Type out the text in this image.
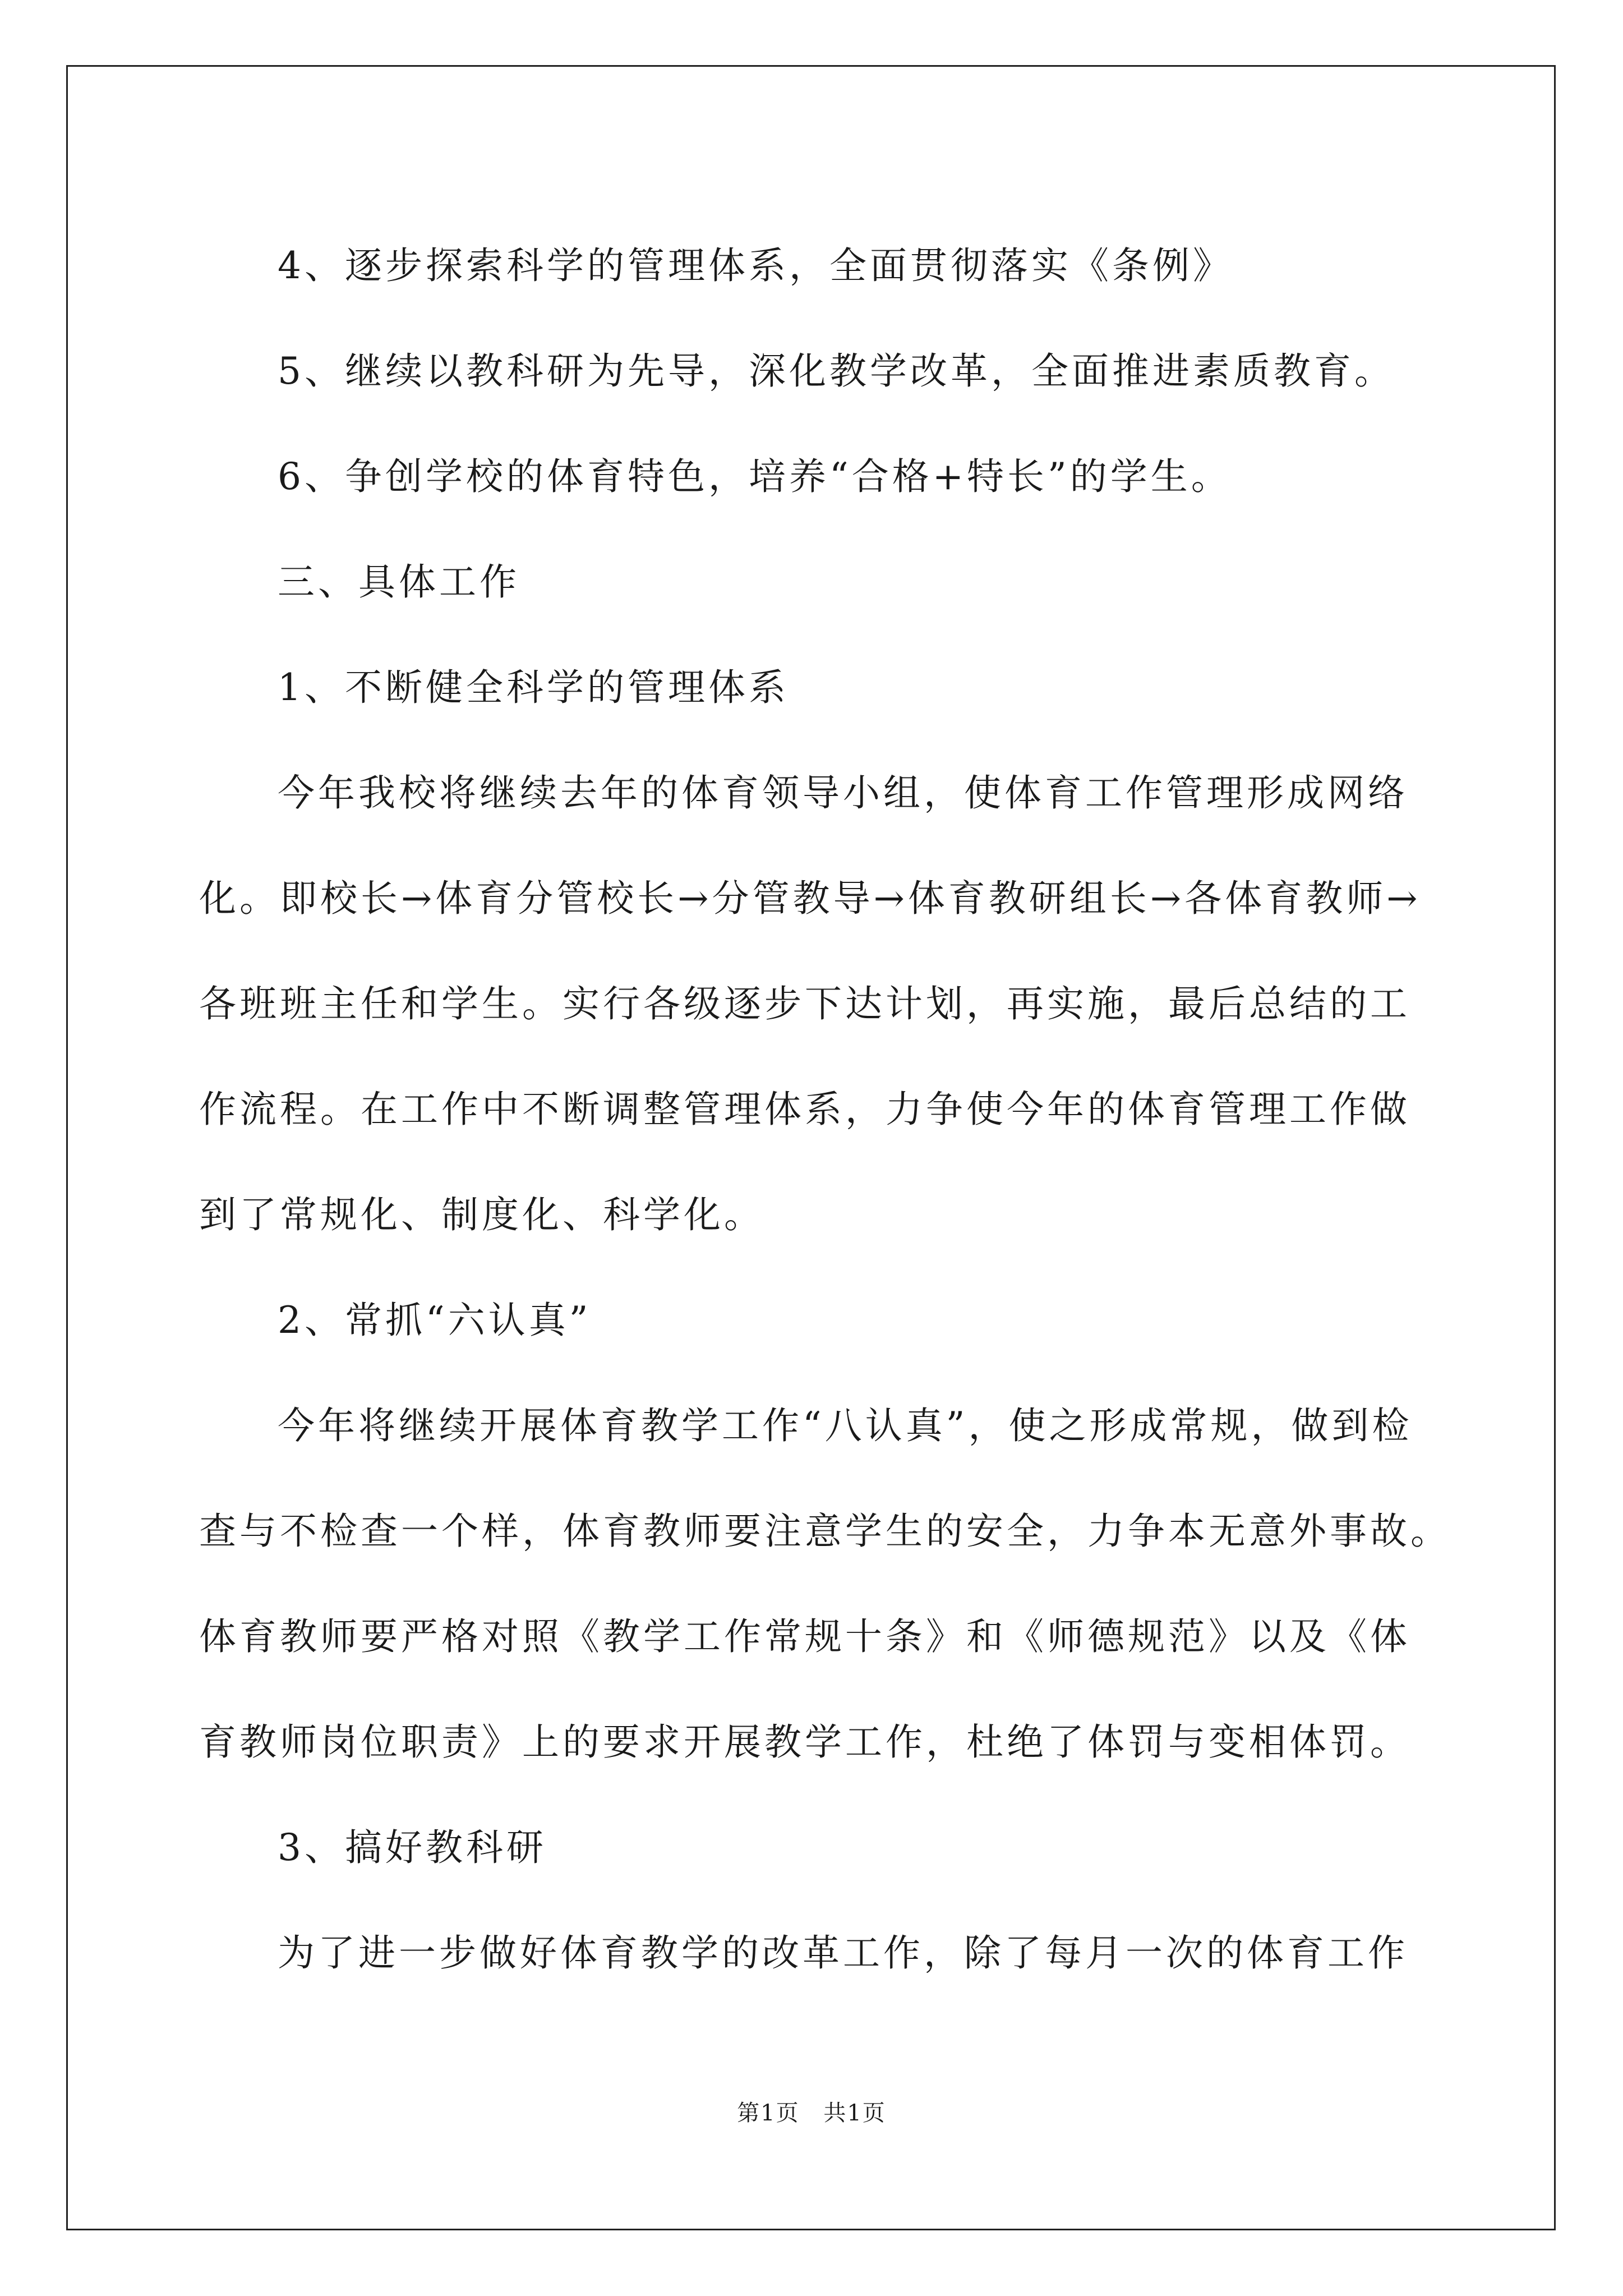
4、逐步探索科学的管理体系，全面贯彻落实《条例》

5、继续以教科研为先导，深化教学改革，全面推进素质教育。

6、争创学校的体育特色，培养“合格+特长”的学生。

三、具体工作

1、不断健全科学的管理体系

今年我校将继续去年的体育领导小组，使体育工作管理形成网络
化。即校长→体育分管校长→分管教导→体育教研组长→各体育教师→
各班班主任和学生。实行各级逐步下达计划，再实施，最后总结的工
作流程。在工作中不断调整管理体系，力争使今年的体育管理工作做
到了常规化、制度化、科学化。

2、常抓“六认真”

今年将继续开展体育教学工作“八认真”，使之形成常规，做到检
查与不检查一个样，体育教师要注意学生的安全，力争本无意外事故。
体育教师要严格对照《教学工作常规十条》和《师德规范》以及《体
育教师岗位职责》上的要求开展教学工作，杜绝了体罚与变相体罚。

3、搞好教科研

为了进一步做好体育教学的改革工作，除了每月一次的体育工作

第1页 共1页
